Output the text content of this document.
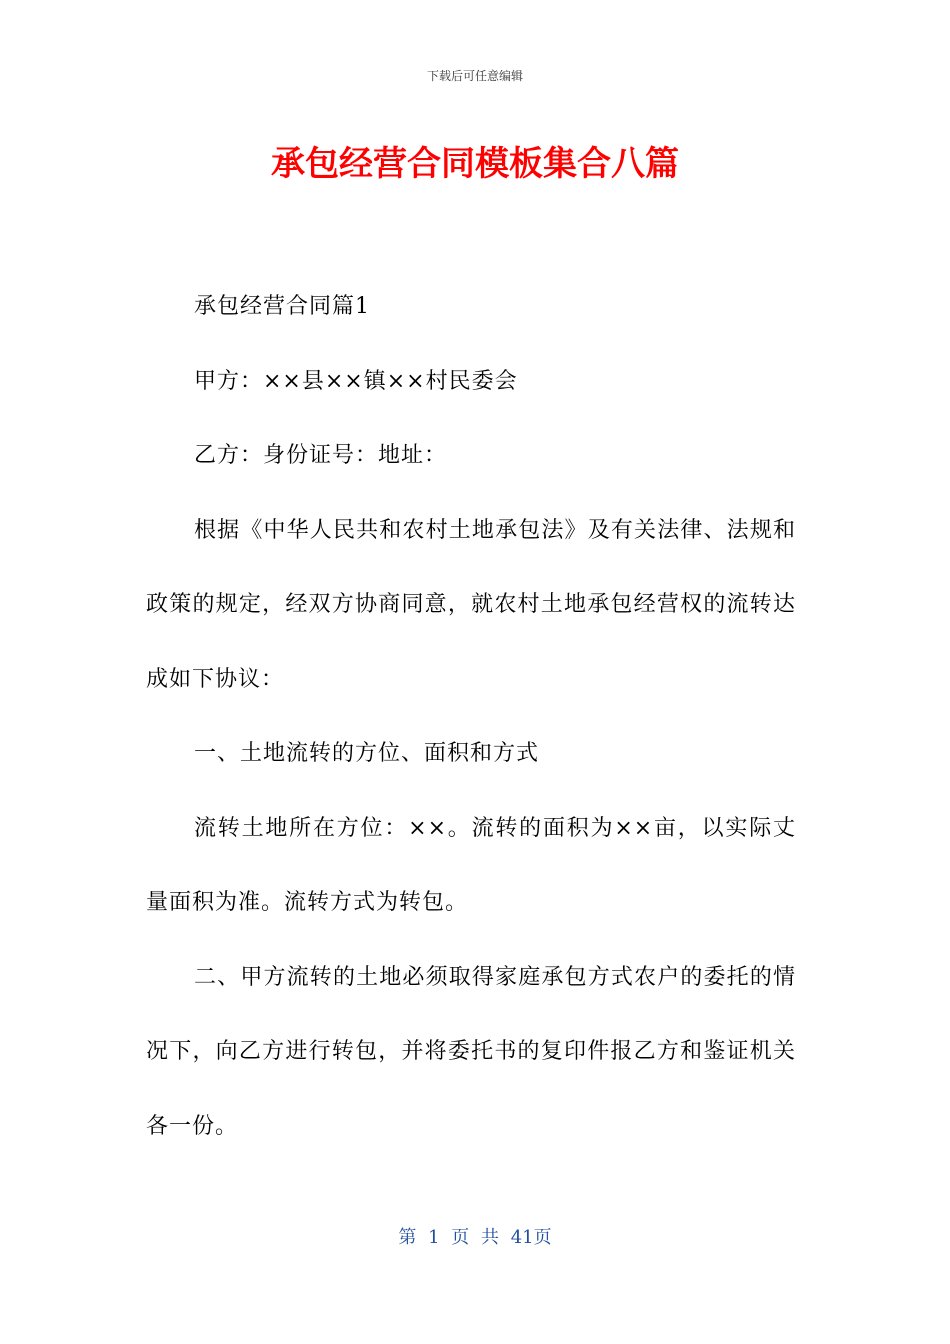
下载后可任意编辑
承包经营合同模板集合八篇

承包经营合同篇1

甲方：××县××镇××村民委会

乙方：身份证号：地址：

根据《中华人民共和农村土地承包法》及有关法律、法规和政策的规定，经双方协商同意，就农村土地承包经营权的流转达成如下协议：

一、土地流转的方位、面积和方式

流转土地所在方位：××。流转的面积为××亩，以实际丈量面积为准。流转方式为转包。

二、甲方流转的土地必须取得家庭承包方式农户的委托的情况下，向乙方进行转包，并将委托书的复印件报乙方和鉴证机关各一份。

第 1 页 共 41页
